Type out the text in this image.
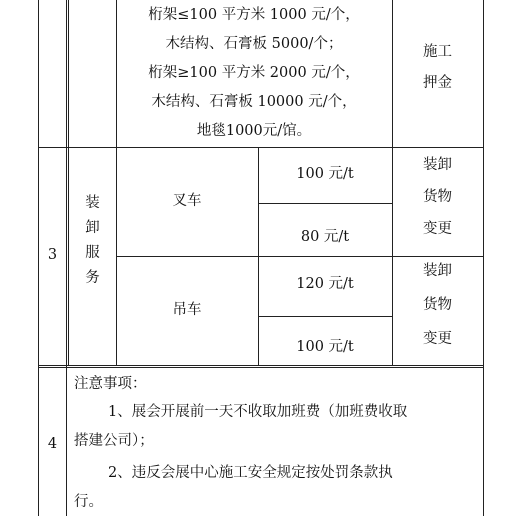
桁架≤100 平方米 1000 元/个，
木结构、石膏板 5000/个；
桁架≥100 平方米 2000 元/个，
木结构、石膏板 10000 元/个，
地毯1000元/馆。
施工
押金
3
装
卸
服
务
叉车
100 元/t
80 元/t
装卸
货物
变更
吊车
120 元/t
100 元/t
装卸
货物
变更
4
注意事项：
1、展会开展前一天不收取加班费（加班费收取
搭建公司）；
2、违反会展中心施工安全规定按处罚条款执
行。
